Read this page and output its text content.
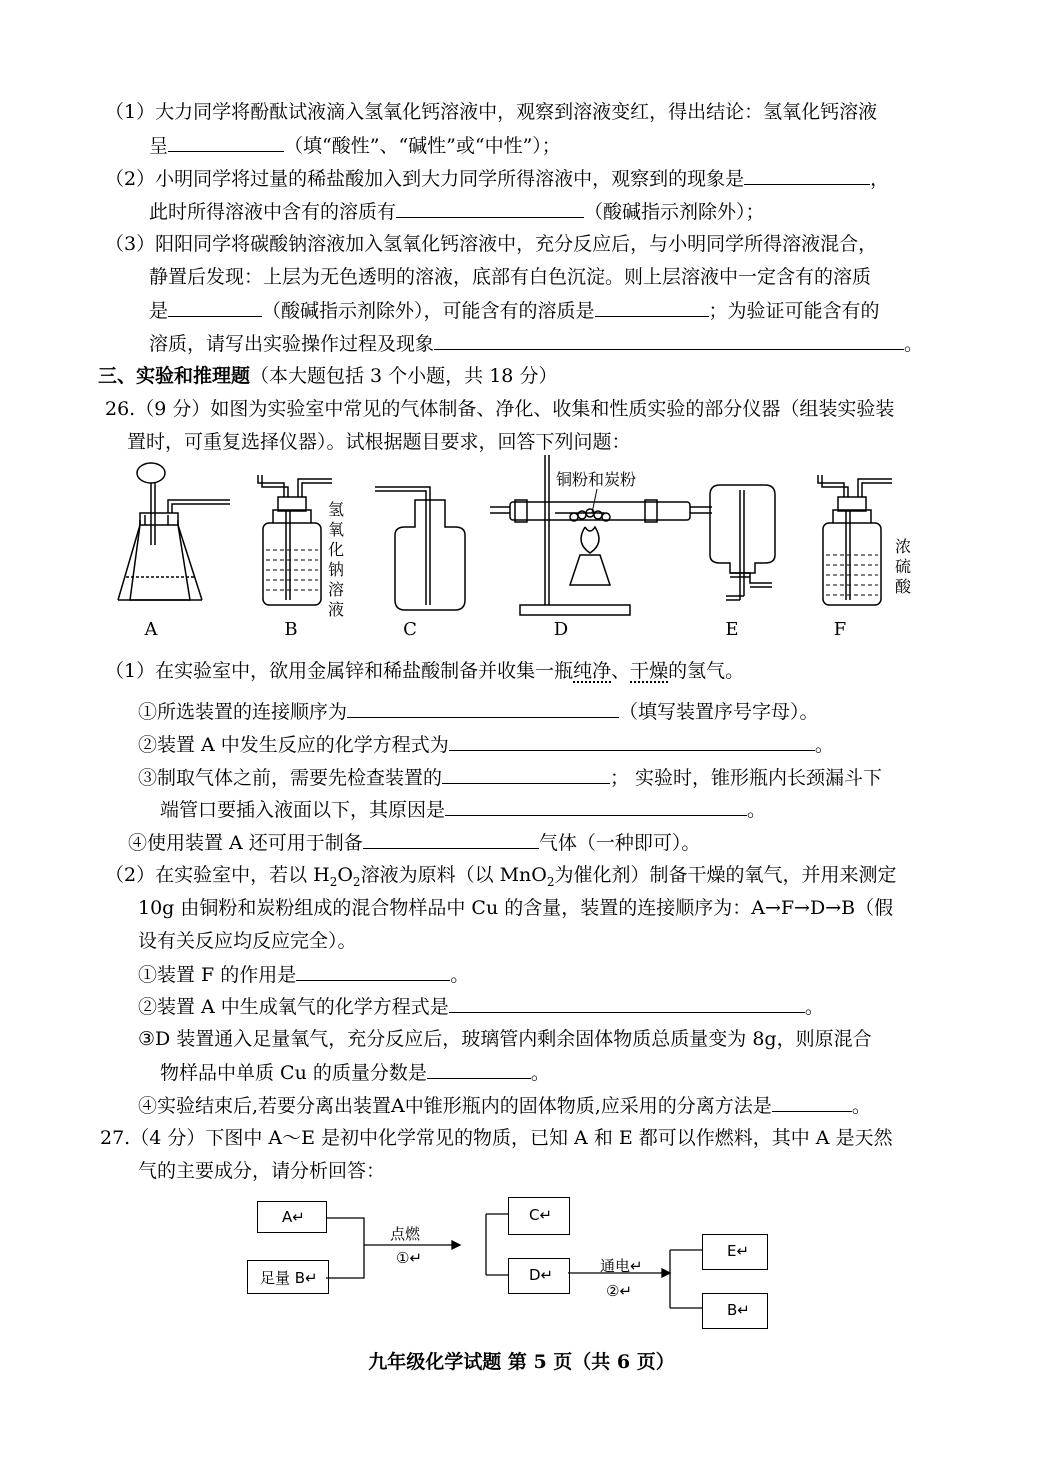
（1）大力同学将酚酞试液滴入氢氧化钙溶液中，观察到溶液变红，得出结论：氢氧化钙溶液
呈	（填“酸性”、“碱性”或“中性”）；
（2）小明同学将过量的稀盐酸加入到大力同学所得溶液中，观察到的现象是	，
此时所得溶液中含有的溶质有	（酸碱指示剂除外）；
（3）阳阳同学将碳酸钠溶液加入氢氧化钙溶液中，充分反应后，与小明同学所得溶液混合，
静置后发现：上层为无色透明的溶液，底部有白色沉淀。则上层溶液中一定含有的溶质
是	（酸碱指示剂除外），可能含有的溶质是	；为验证可能含有的
溶质，请写出实验操作过程及现象	。
三、实验和推理题（本大题包括 3 个小题，共 18 分）
26.（9 分）如图为实验室中常见的气体制备、净化、收集和性质实验的部分仪器（组装实验装
置时，可重复选择仪器）。试根据题目要求，回答下列问题：
氢
氧
化
钠
溶
液
铜粉和炭粉
浓
硫
酸
A	B	C	D	E	F
（1）在实验室中，欲用金属锌和稀盐酸制备并收集一瓶纯净、干燥的氢气。
①所选装置的连接顺序为	（填写装置序号字母）。
②装置 A 中发生反应的化学方程式为	。
③制取气体之前，需要先检查装置的	； 实验时，锥形瓶内长颈漏斗下
端管口要插入液面以下，其原因是	。
④使用装置 A 还可用于制备	气体（一种即可）。
（2）在实验室中，若以 $H_2O_2$溶液为原料（以 MnO$_2$为催化剂）制备干燥的氧气，并用来测定
10g 由铜粉和炭粉组成的混合物样品中 Cu 的含量，装置的连接顺序为：A→F→D→B（假
设有关反应均反应完全）。
①装置 F 的作用是	。
②装置 A 中生成氧气的化学方程式是	。
③D 装置通入足量氧气，充分反应后，玻璃管内剩余固体物质总质量变为 8g，则原混合
物样品中单质 Cu 的质量分数是	。
④实验结束后,若要分离出装置A中锥形瓶内的固体物质,应采用的分离方法是	。
27.（4 分）下图中 A～E 是初中化学常见的物质，已知 A 和 E 都可以作燃料，其中 A 是天然
气的主要成分，请分析回答：
A↵
足量 B↵
C↵
D↵
E↵
B↵
点燃
①↵	通电↵
②↵
九年级化学试题 第 5 页（共 6 页）
